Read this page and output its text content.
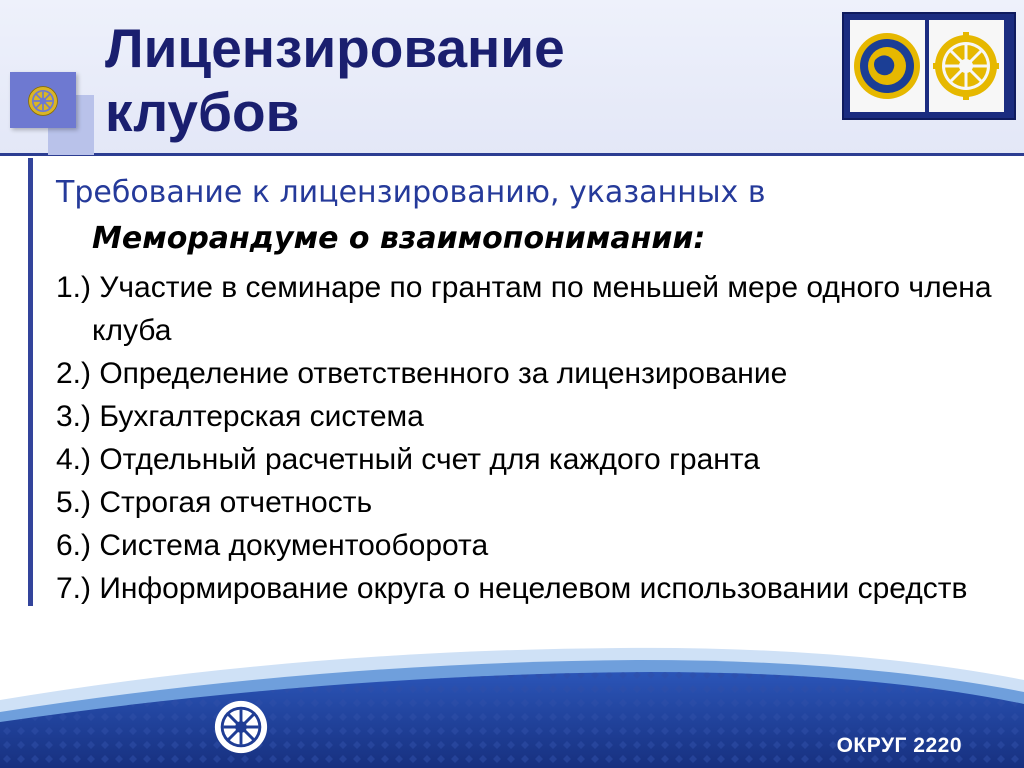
Лицензирование клубов

Требование к лицензированию, указанных в

Меморандуме о взаимопонимании:

1.) Участие в семинаре по грантам по меньшей мере одного члена клуба
2.) Определение ответственного за лицензирование
3.) Бухгалтерская система
4.) Отдельный расчетный счет для каждого гранта
5.) Строгая отчетность
6.) Система документооборота
7.) Информирование округа о нецелевом использовании средств
ОКРУГ 2220
